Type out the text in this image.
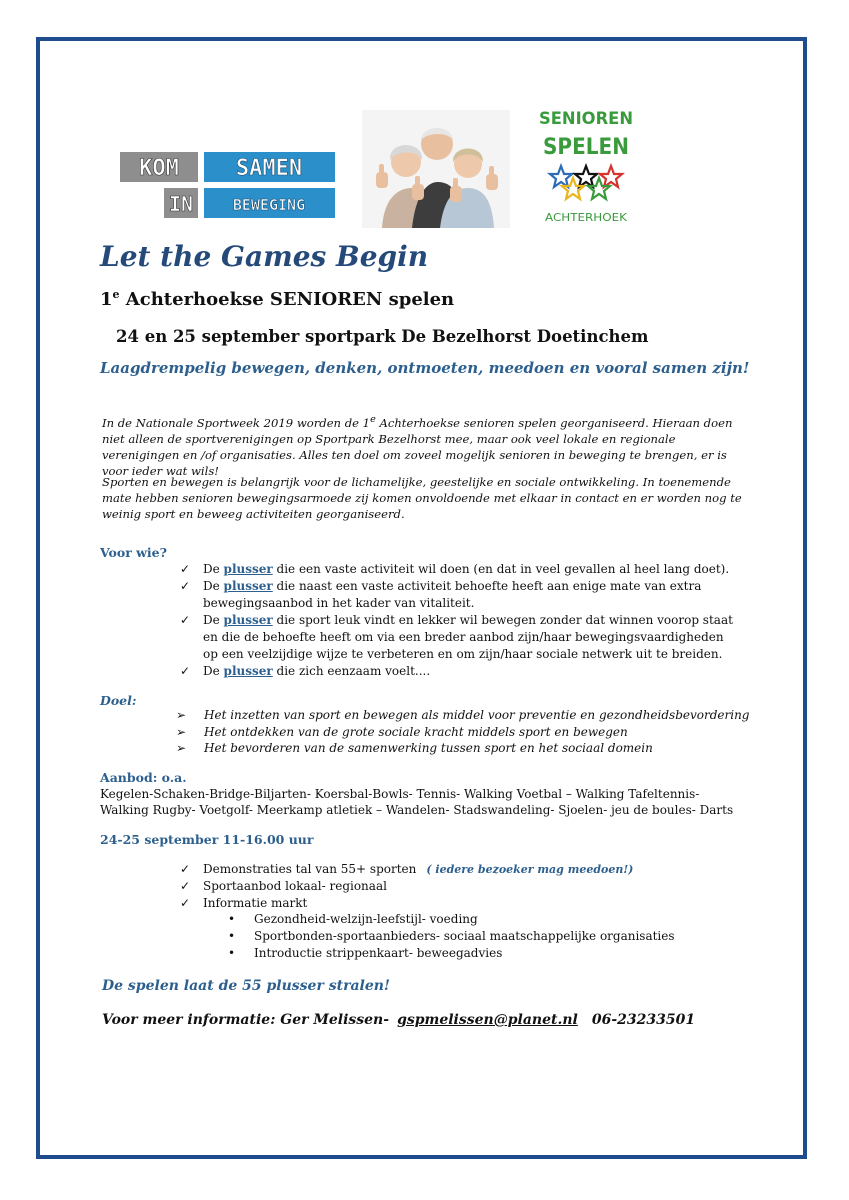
KOM	SAMEN
IN	BEWEGING
SENIOREN
SPELEN
ACHTERHOEK
Let the Games Begin
1e Achterhoekse SENIOREN spelen
24 en 25 september sportpark De Bezelhorst Doetinchem
Laagdrempelig bewegen, denken, ontmoeten, meedoen en vooral samen zijn!
In de Nationale Sportweek 2019 worden de 1e Achterhoekse senioren spelen georganiseerd. Hieraan doen niet alleen de sportverenigingen op Sportpark Bezelhorst mee, maar ook veel lokale en regionale verenigingen en /of organisaties. Alles ten doel om zoveel mogelijk senioren in beweging te brengen, er is voor ieder wat wils!
Sporten en bewegen is belangrijk voor de lichamelijke, geestelijke en sociale ontwikkeling. In toenemende mate hebben senioren bewegingsarmoede zij komen onvoldoende met elkaar in contact en er worden nog te weinig sport en beweeg activiteiten georganiseerd.
Voor wie?
✓ De plusser die een vaste activiteit wil doen (en dat in veel gevallen al heel lang doet).
✓ De plusser die naast een vaste activiteit behoefte heeft aan enige mate van extra bewegingsaanbod in het kader van vitaliteit.
✓ De plusser die sport leuk vindt en lekker wil bewegen zonder dat winnen voorop staat en die de behoefte heeft om via een breder aanbod zijn/haar bewegingsvaardigheden op een veelzijdige wijze te verbeteren en om zijn/haar sociale netwerk uit te breiden.
✓ De plusser die zich eenzaam voelt....
Doel:
➢ Het inzetten van sport en bewegen als middel voor preventie en gezondheidsbevordering
➢ Het ontdekken van de grote sociale kracht middels sport en bewegen
➢ Het bevorderen van de samenwerking tussen sport en het sociaal domein
Aanbod: o.a.
Kegelen-Schaken-Bridge-Biljarten- Koersbal-Bowls- Tennis- Walking Voetbal – Walking Tafeltennis- Walking Rugby- Voetgolf- Meerkamp atletiek – Wandelen- Stadswandeling- Sjoelen- jeu de boules- Darts
24-25 september 11-16.00 uur
✓ Demonstraties tal van 55+ sporten ( iedere bezoeker mag meedoen!)
✓ Sportaanbod lokaal- regionaal
✓ Informatie markt
• Gezondheid-welzijn-leefstijl- voeding
• Sportbonden-sportaanbieders- sociaal maatschappelijke organisaties
• Introductie strippenkaart- beweegadvies
De spelen laat de 55 plusser stralen!
Voor meer informatie: Ger Melissen- gspmelissen@planet.nl 06-23233501
